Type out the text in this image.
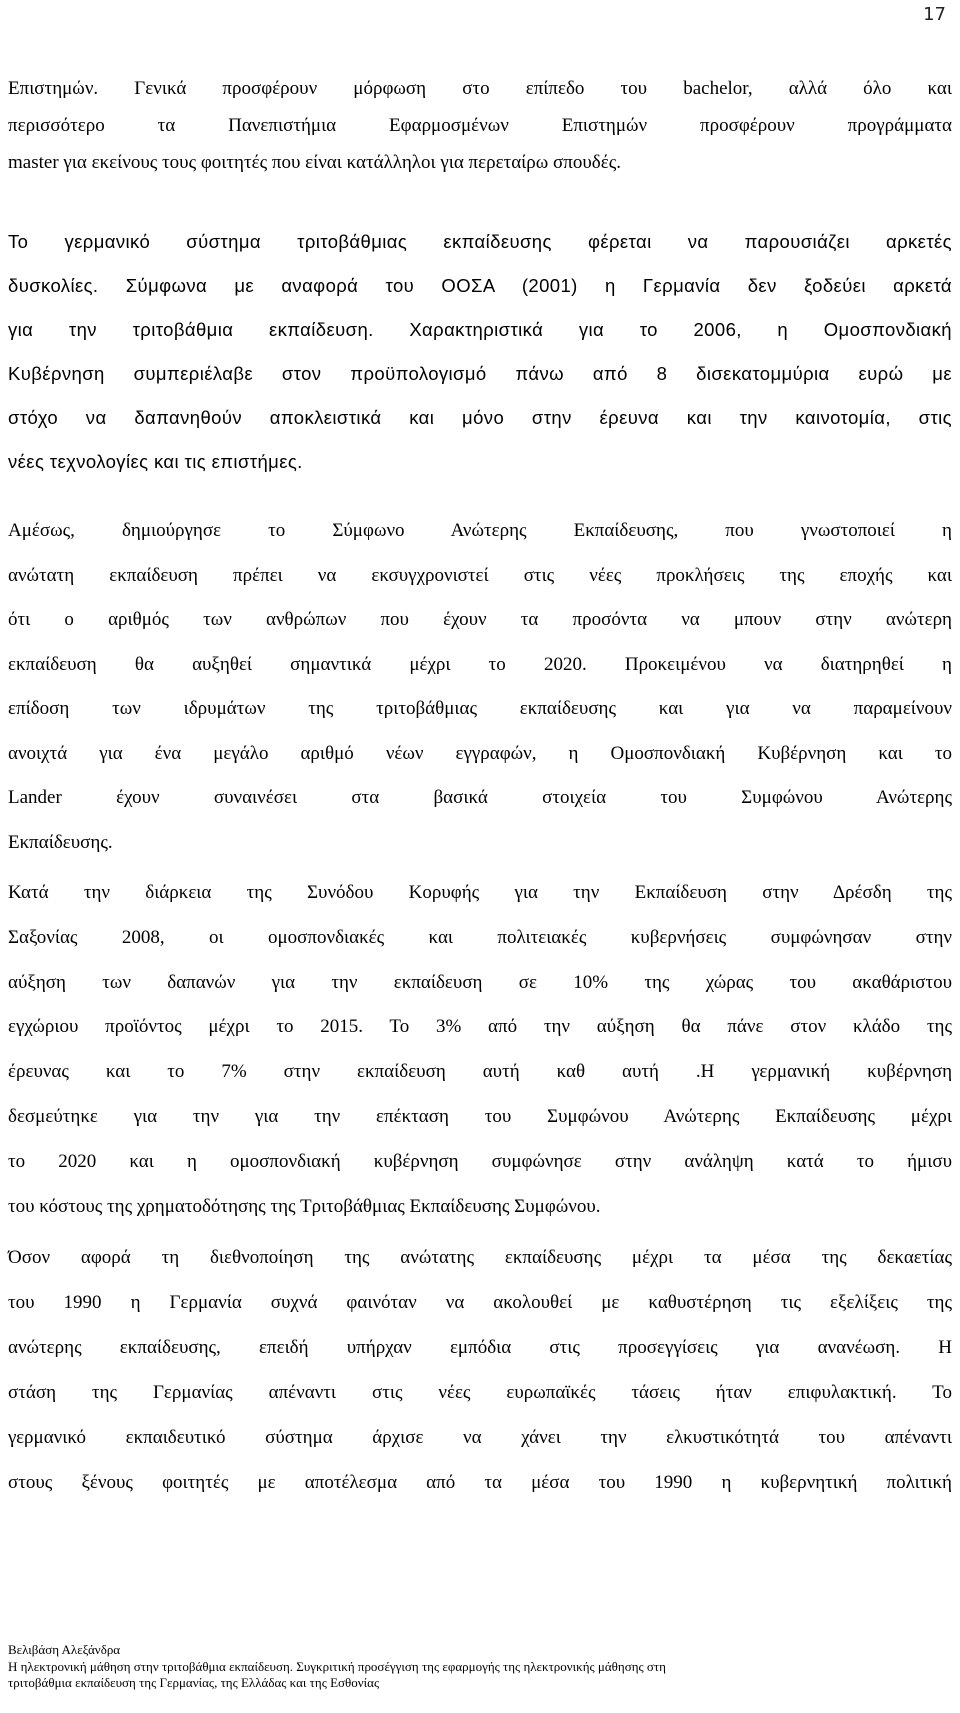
17
Επιστημών. Γενικά προσφέρουν μόρφωση στο επίπεδο του bachelor, αλλά όλο και
περισσότερο τα Πανεπιστήμια Εφαρμοσμένων Επιστημών προσφέρουν προγράμματα
master για εκείνους τους φοιτητές που είναι κατάλληλοι για περεταίρω σπουδές.
Το γερμανικό σύστημα τριτοβάθμιας εκπαίδευσης φέρεται να παρουσιάζει αρκετές
δυσκολίες. Σύμφωνα με αναφορά του ΟΟΣΑ (2001) η Γερμανία δεν ξοδεύει αρκετά
για την τριτοβάθμια εκπαίδευση. Χαρακτηριστικά για το 2006, η Ομοσπονδιακή
Κυβέρνηση συμπεριέλαβε στον προϋπολογισμό πάνω από 8 δισεκατομμύρια ευρώ με
στόχο να δαπανηθούν αποκλειστικά και μόνο στην έρευνα και την καινοτομία, στις
νέες τεχνολογίες και τις επιστήμες.
Αμέσως, δημιούργησε το Σύμφωνο Ανώτερης Εκπαίδευσης, που γνωστοποιεί η
ανώτατη εκπαίδευση πρέπει να εκσυγχρονιστεί στις νέες προκλήσεις της εποχής και
ότι ο αριθμός των ανθρώπων που έχουν τα προσόντα να μπουν στην ανώτερη
εκπαίδευση θα αυξηθεί σημαντικά μέχρι το 2020. Προκειμένου να διατηρηθεί η
επίδοση των ιδρυμάτων της τριτοβάθμιας εκπαίδευσης και για να παραμείνουν
ανοιχτά για ένα μεγάλο αριθμό νέων εγγραφών, η Ομοσπονδιακή Κυβέρνηση και το
Lander έχουν συναινέσει στα βασικά στοιχεία του Συμφώνου Ανώτερης
Εκπαίδευσης.
Κατά την διάρκεια της Συνόδου Κορυφής για την Εκπαίδευση στην Δρέσδη της
Σαξονίας 2008, οι ομοσπονδιακές και πολιτειακές κυβερνήσεις συμφώνησαν στην
αύξηση των δαπανών για την εκπαίδευση σε 10% της χώρας του ακαθάριστου
εγχώριου προϊόντος μέχρι το 2015. Το 3% από την αύξηση θα πάνε στον κλάδο της
έρευνας και το 7% στην εκπαίδευση αυτή καθ αυτή .Η γερμανική κυβέρνηση
δεσμεύτηκε για την για την επέκταση του Συμφώνου Ανώτερης Εκπαίδευσης μέχρι
το 2020 και η ομοσπονδιακή κυβέρνηση συμφώνησε στην ανάληψη κατά το ήμισυ
του κόστους της χρηματοδότησης της Τριτοβάθμιας Εκπαίδευσης Συμφώνου.
Όσον αφορά τη διεθνοποίηση της ανώτατης εκπαίδευσης μέχρι τα μέσα της δεκαετίας
του 1990 η Γερμανία συχνά φαινόταν να ακολουθεί με καθυστέρηση τις εξελίξεις της
ανώτερης εκπαίδευσης, επειδή υπήρχαν εμπόδια στις προσεγγίσεις για ανανέωση. Η
στάση της Γερμανίας απέναντι στις νέες ευρωπαϊκές τάσεις ήταν επιφυλακτική. Το
γερμανικό εκπαιδευτικό σύστημα άρχισε να χάνει την ελκυστικότητά του απέναντι
στους ξένους φοιτητές με αποτέλεσμα από τα μέσα του 1990 η κυβερνητική πολιτική
Βελιβάση Αλεξάνδρα
Η ηλεκτρονική μάθηση στην τριτοβάθμια εκπαίδευση. Συγκριτική προσέγγιση της εφαρμογής της ηλεκτρονικής μάθησης στη
τριτοβάθμια εκπαίδευση της Γερμανίας, της Ελλάδας και της Εσθονίας
